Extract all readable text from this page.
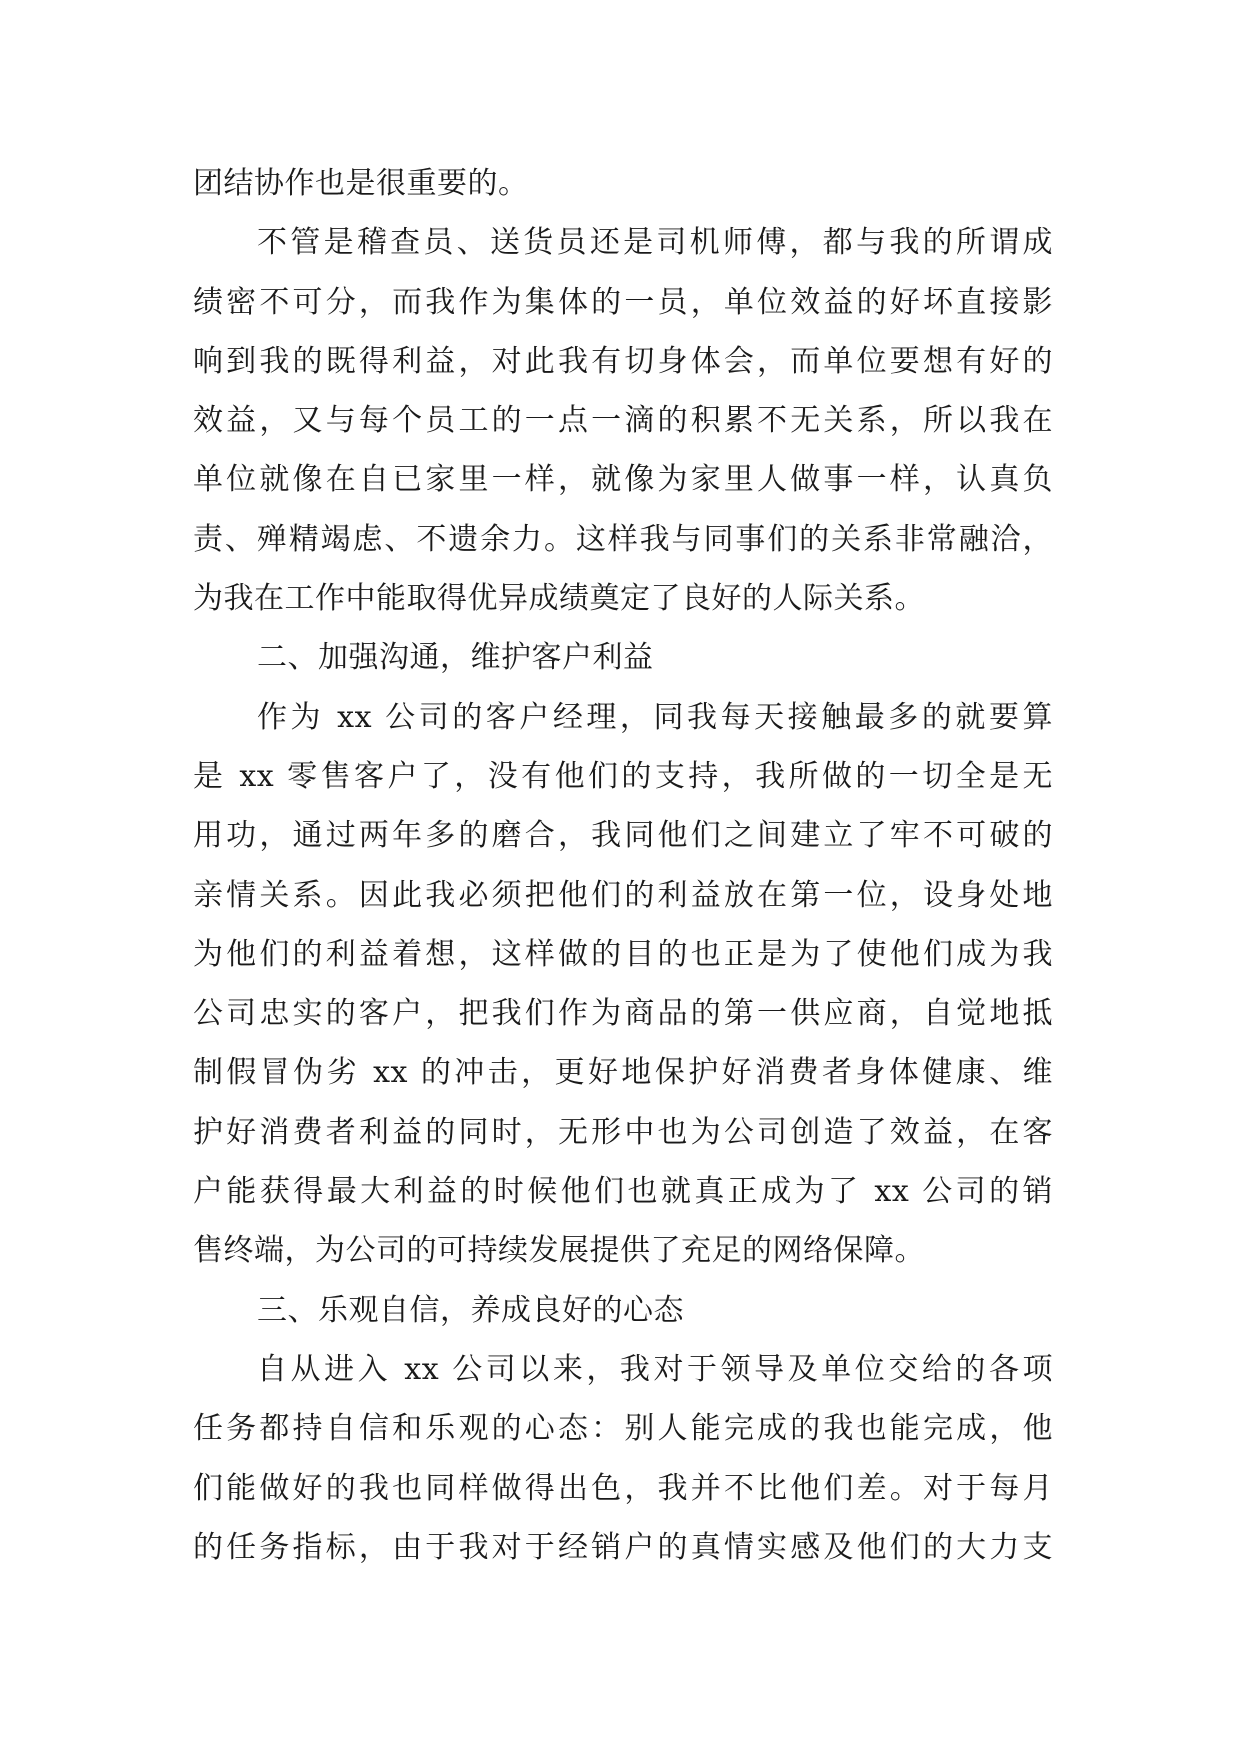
团结协作也是很重要的。
不管是稽查员、送货员还是司机师傅，都与我的所谓成
绩密不可分，而我作为集体的一员，单位效益的好坏直接影
响到我的既得利益，对此我有切身体会，而单位要想有好的
效益，又与每个员工的一点一滴的积累不无关系，所以我在
单位就像在自已家里一样，就像为家里人做事一样，认真负
责、殚精竭虑、不遗余力。这样我与同事们的关系非常融洽，
为我在工作中能取得优异成绩奠定了良好的人际关系。
二、加强沟通，维护客户利益
作为 xx 公司的客户经理，同我每天接触最多的就要算
是 xx 零售客户了，没有他们的支持，我所做的一切全是无
用功，通过两年多的磨合，我同他们之间建立了牢不可破的
亲情关系。因此我必须把他们的利益放在第一位，设身处地
为他们的利益着想，这样做的目的也正是为了使他们成为我
公司忠实的客户，把我们作为商品的第一供应商，自觉地抵
制假冒伪劣 xx 的冲击，更好地保护好消费者身体健康、维
护好消费者利益的同时，无形中也为公司创造了效益，在客
户能获得最大利益的时候他们也就真正成为了 xx 公司的销
售终端，为公司的可持续发展提供了充足的网络保障。
三、乐观自信，养成良好的心态
自从进入 xx 公司以来，我对于领导及单位交给的各项
任务都持自信和乐观的心态：别人能完成的我也能完成，他
们能做好的我也同样做得出色，我并不比他们差。对于每月
的任务指标，由于我对于经销户的真情实感及他们的大力支
